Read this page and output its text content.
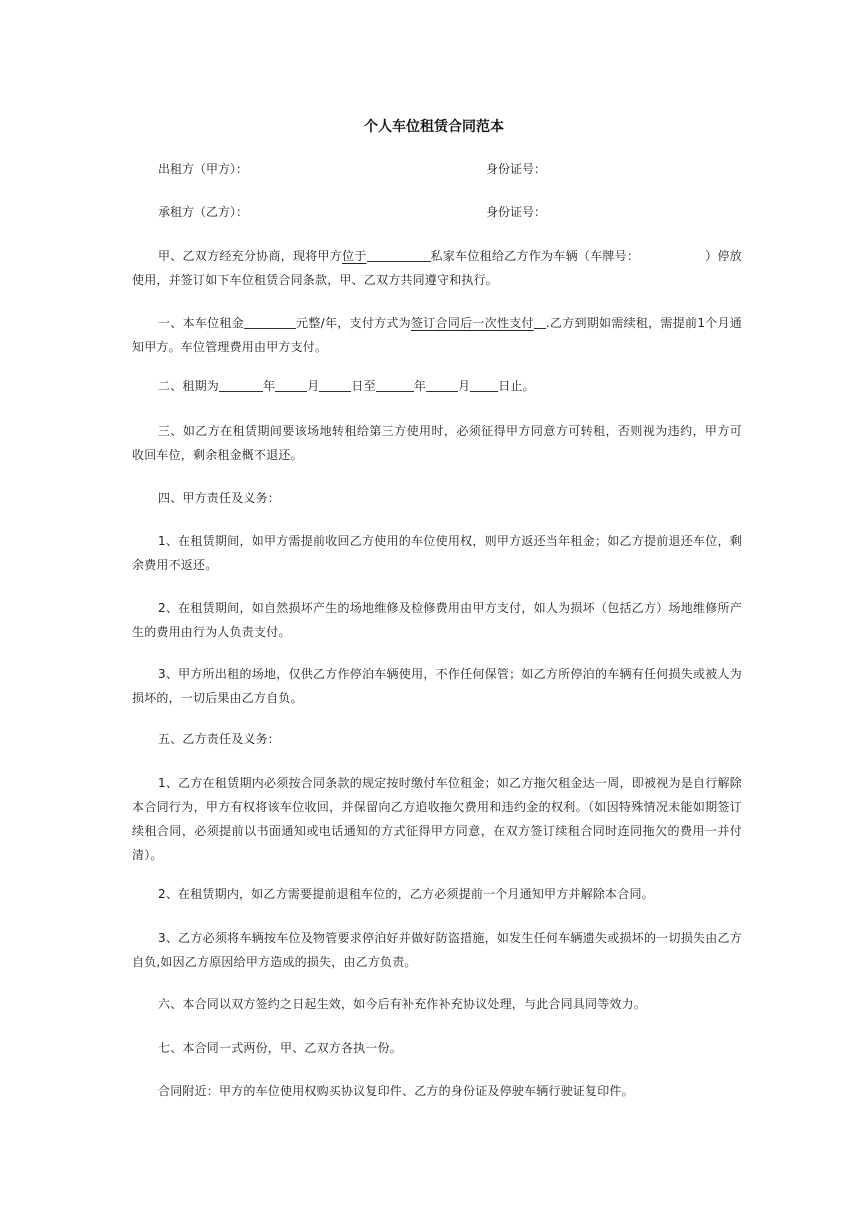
个人车位租赁合同范本
出租方（甲方）：	身份证号：
承租方（乙方）：	身份证号：
甲、乙双方经充分协商，现将甲方位于	私家车位租给乙方作为车辆（车牌号：	）停放使用，并签订如下车位租赁合同条款，甲、乙双方共同遵守和执行。
一、本车位租金	元整/年，支付方式为签订合同后一次性支付 .乙方到期如需续租，需提前1个月通知甲方。车位管理费用由甲方支付。
二、租期为	年	月	日至	年	月 日止。
三、如乙方在租赁期间要该场地转租给第三方使用时，必须征得甲方同意方可转租，否则视为违约，甲方可收回车位，剩余租金概不退还。
四、甲方责任及义务：
1、在租赁期间，如甲方需提前收回乙方使用的车位使用权，则甲方返还当年租金；如乙方提前退还车位，剩余费用不返还。
2、在租赁期间，如自然损坏产生的场地维修及检修费用由甲方支付，如人为损坏（包括乙方）场地维修所产生的费用由行为人负责支付。
3、甲方所出租的场地，仅供乙方作停泊车辆使用，不作任何保管；如乙方所停泊的车辆有任何损失或被人为损坏的，一切后果由乙方自负。
五、乙方责任及义务：
1、乙方在租赁期内必须按合同条款的规定按时缴付车位租金；如乙方拖欠租金达一周，即被视为是自行解除本合同行为，甲方有权将该车位收回，并保留向乙方追收拖欠费用和违约金的权利。（如因特殊情况未能如期签订续租合同，必须提前以书面通知或电话通知的方式征得甲方同意，在双方签订续租合同时连同拖欠的费用一并付清）。
2、在租赁期内，如乙方需要提前退租车位的，乙方必须提前一个月通知甲方并解除本合同。
3、乙方必须将车辆按车位及物管要求停泊好并做好防盗措施，如发生任何车辆遗失或损坏的一切损失由乙方自负,如因乙方原因给甲方造成的损失，由乙方负责。
六、本合同以双方签约之日起生效，如今后有补充作补充协议处理，与此合同具同等效力。
七、本合同一式两份，甲、乙双方各执一份。
合同附近：甲方的车位使用权购买协议复印件、乙方的身份证及停驶车辆行驶证复印件。
